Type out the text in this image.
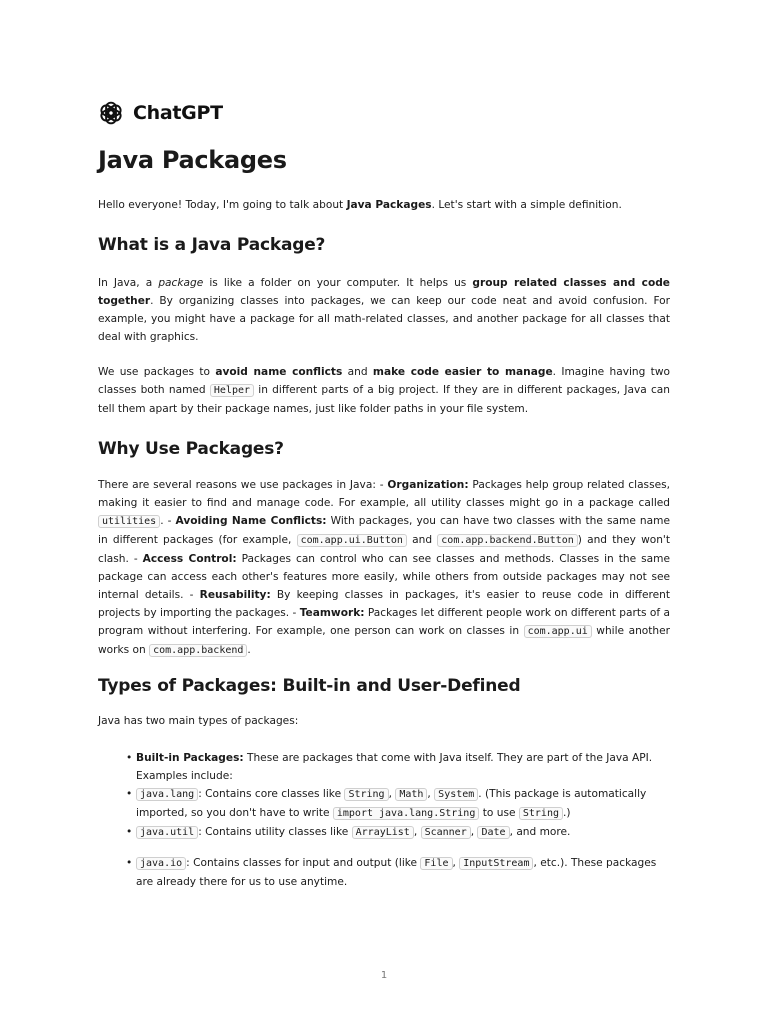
ChatGPT
Java Packages

Hello everyone! Today, I'm going to talk about Java Packages. Let's start with a simple definition.

What is a Java Package?

In Java, a package is like a folder on your computer. It helps us group related classes and code together. By organizing classes into packages, we can keep our code neat and avoid confusion. For example, you might have a package for all math-related classes, and another package for all classes that deal with graphics.

We use packages to avoid name conflicts and make code easier to manage. Imagine having two classes both named Helper in different parts of a big project. If they are in different packages, Java can tell them apart by their package names, just like folder paths in your file system.

Why Use Packages?

There are several reasons we use packages in Java: - Organization: Packages help group related classes, making it easier to find and manage code. For example, all utility classes might go in a package called utilities . - Avoiding Name Conflicts: With packages, you can have two classes with the same name in different packages (for example, com.app.ui.Button and com.app.backend.Button ) and they won't clash. - Access Control: Packages can control who can see classes and methods. Classes in the same package can access each other's features more easily, while others from outside packages may not see internal details. - Reusability: By keeping classes in packages, it's easier to reuse code in different projects by importing the packages. - Teamwork: Packages let different people work on different parts of a program without interfering. For example, one person can work on classes in com.app.ui while another works on com.app.backend .

Types of Packages: Built-in and User-Defined

Java has two main types of packages:

• Built-in Packages: These are packages that come with Java itself. They are part of the Java API. Examples include:
• java.lang : Contains core classes like String , Math , System . (This package is automatically imported, so you don't have to write import java.lang.String to use String .)
• java.util : Contains utility classes like ArrayList , Scanner , Date , and more.
• java.io : Contains classes for input and output (like File , InputStream , etc.). These packages are already there for us to use anytime.
1
